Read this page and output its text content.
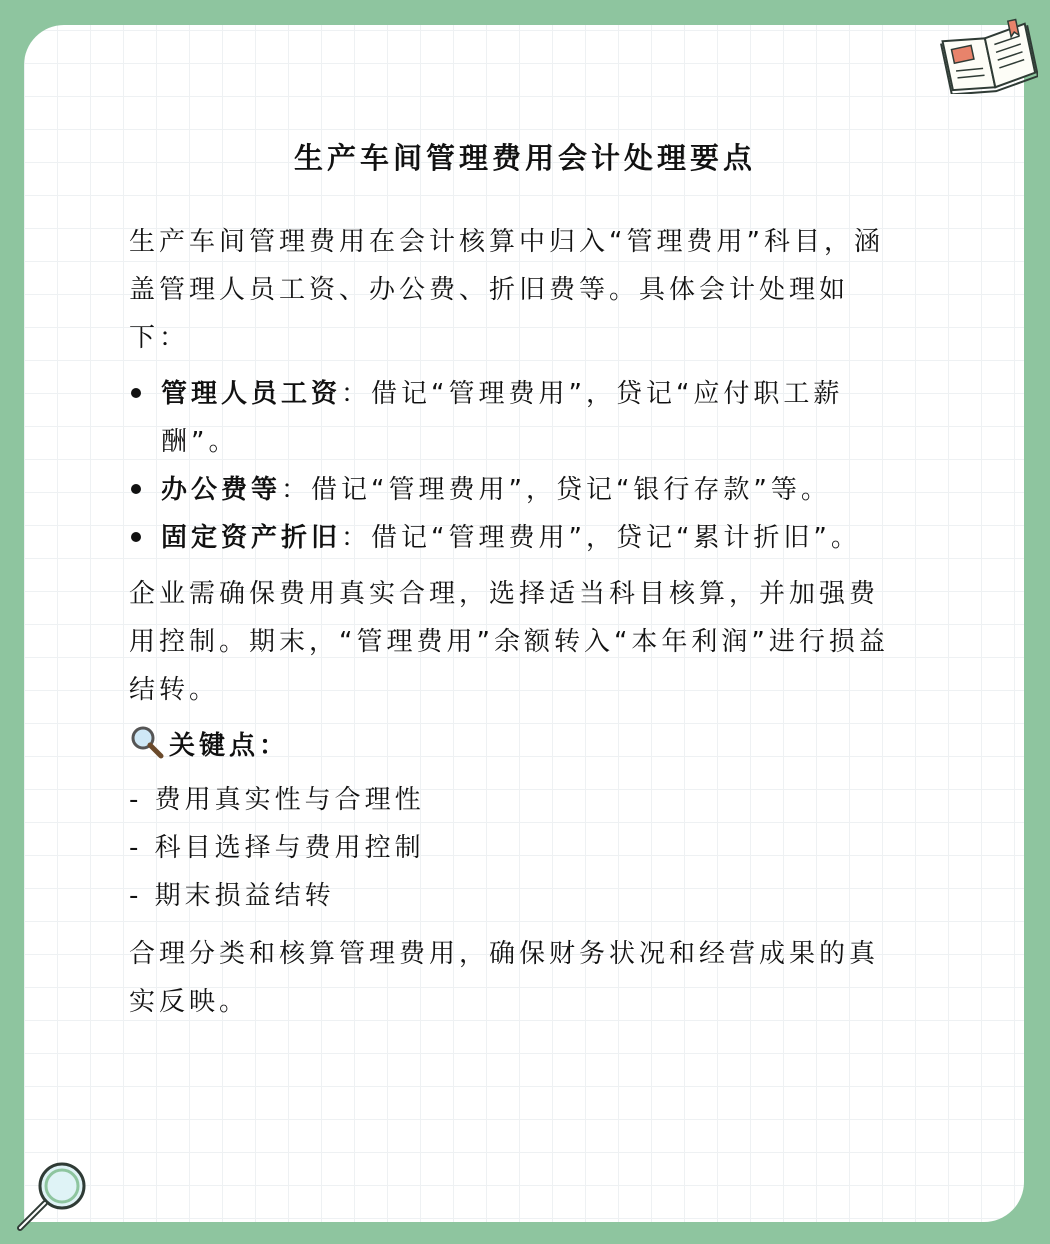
生产车间管理费用会计处理要点

生产车间管理费用在会计核算中归入“管理费用”科目，涵盖管理人员工资、办公费、折旧费等。具体会计处理如下：

管理人员工资：借记“管理费用”，贷记“应付职工薪酬”。
办公费等：借记“管理费用”，贷记“银行存款”等。
固定资产折旧：借记“管理费用”，贷记“累计折旧”。

企业需确保费用真实合理，选择适当科目核算，并加强费用控制。期末，“管理费用”余额转入“本年利润”进行损益结转。

关键点：

- 费用真实性与合理性

- 科目选择与费用控制

- 期末损益结转

合理分类和核算管理费用，确保财务状况和经营成果的真实反映。
